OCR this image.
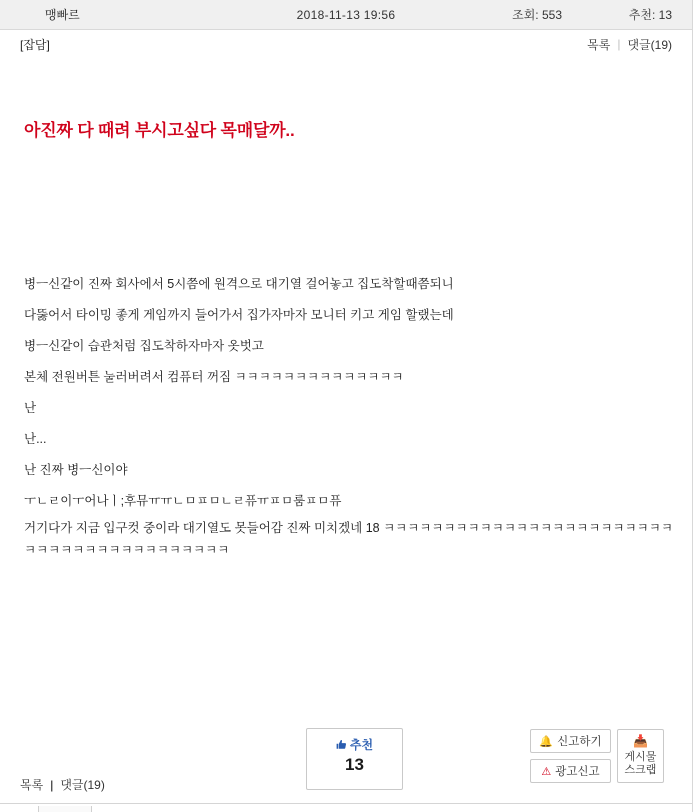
맹빠르	2018-11-13 19:56	조회: 553	추천: 13
[잡담]	목록 | 댓글(19)
아진짜 다 때려 부시고싶다 목매달까..

병ㅡ신같이 진짜 회사에서 5시쯤에 원격으로 대기열 걸어놓고 집도착할때쯤되니

다뚫어서 타이밍 좋게 게임까지 들어가서 집가자마자 모니터 키고 게임 할랬는데

병ㅡ신같이 습관처럼 집도착하자마자 옷벗고

본체 전원버튼 눌러버려서 컴퓨터 꺼짐 ㅋㅋㅋㅋㅋㅋㅋㅋㅋㅋㅋㅋㅋㅋ

난

난...

난 진짜 병ㅡ신이야

ㅜㄴㄹ이ㅜ어나ㅣ;후뮤ㅠㅠㄴㅁㅍㅁㄴㄹ퓨ㅠㅍㅁ룸ㅍㅁ퓨

거기다가 지금 입구컷 중이라 대기열도 못들어감 진짜 미치겠네 18 ㅋㅋㅋㅋㅋㅋㅋㅋㅋㅋㅋㅋㅋㅋㅋㅋㅋㅋㅋㅋㅋㅋㅋㅋㅋㅋㅋㅋㅋㅋㅋㅋㅋㅋㅋㅋㅋㅋㅋㅋㅋ

추천
13
🔔 신고하기
⚠ 광고신고
📥
게시물
스크랩
목록 | 댓글(19)
